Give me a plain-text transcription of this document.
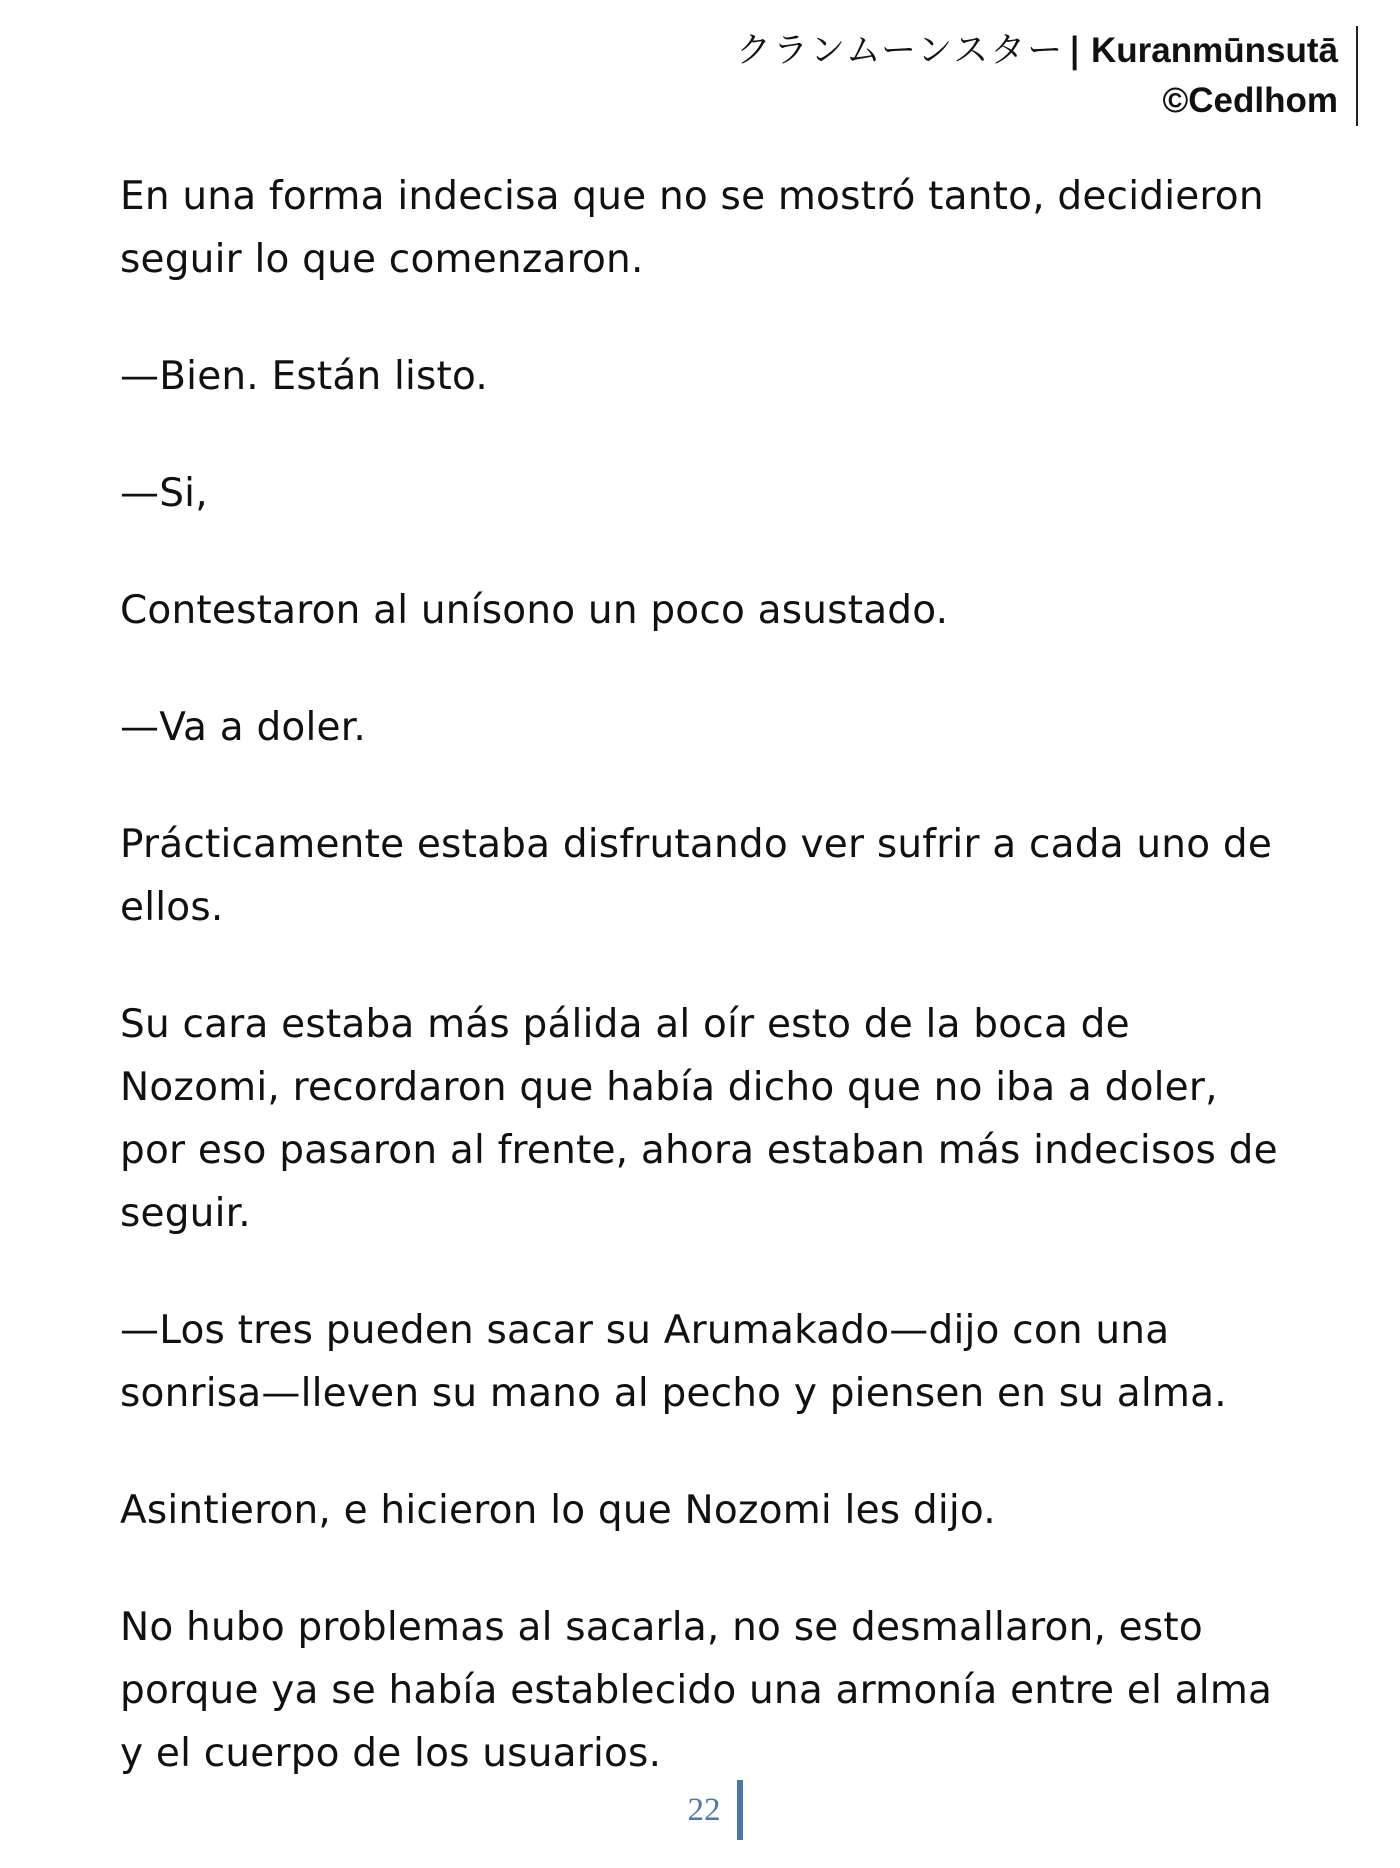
クランムーンスター | Kuranmūnsutā
©Cedlhom

En una forma indecisa que no se mostró tanto, decidieron seguir lo que comenzaron.

—Bien. Están listo.

—Si,

Contestaron al unísono un poco asustado.

—Va a doler.

Prácticamente estaba disfrutando ver sufrir a cada uno de ellos.

Su cara estaba más pálida al oír esto de la boca de Nozomi, recordaron que había dicho que no iba a doler, por eso pasaron al frente, ahora estaban más indecisos de seguir.

—Los tres pueden sacar su Arumakado—dijo con una sonrisa—lleven su mano al pecho y piensen en su alma.

Asintieron, e hicieron lo que Nozomi les dijo.

No hubo problemas al sacarla, no se desmallaron, esto porque ya se había establecido una armonía entre el alma y el cuerpo de los usuarios.

22
